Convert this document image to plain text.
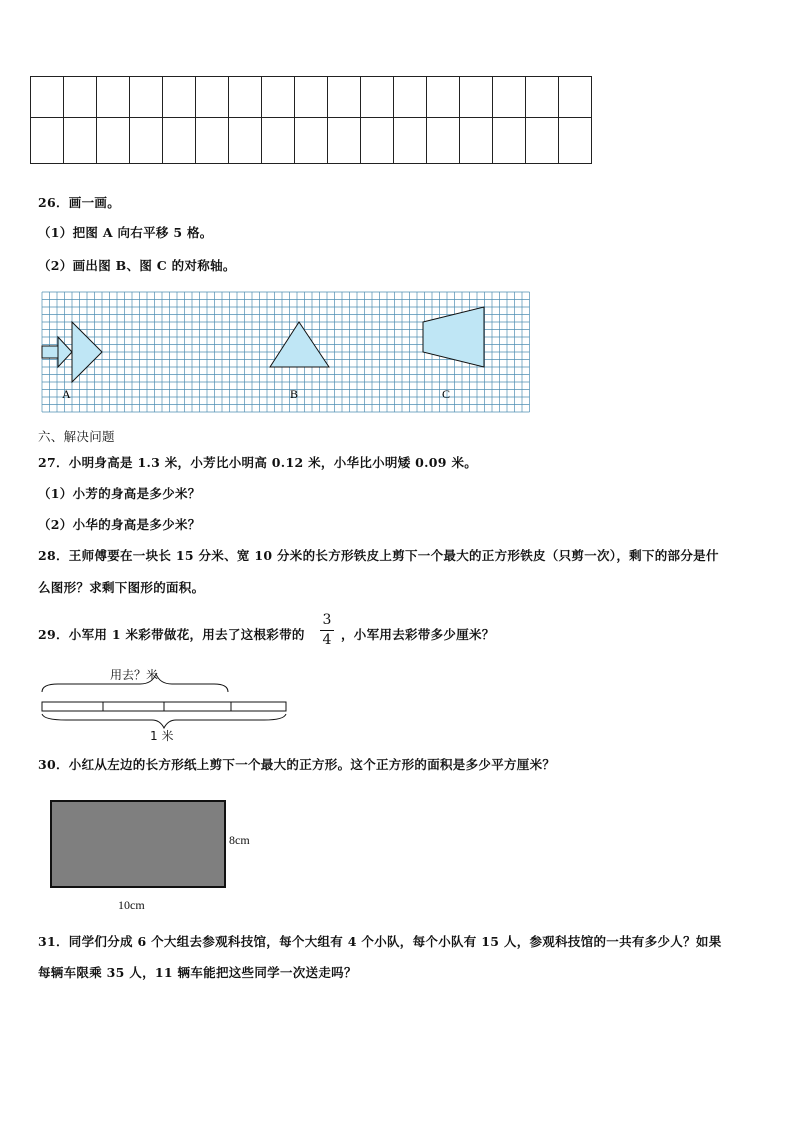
26．画一画。
（1）把图 A 向右平移 5 格。
（2）画出图 B、图 C 的对称轴。
A	B	C
六、解决问题
27．小明身高是 1.3 米，小芳比小明高 0.12 米，小华比小明矮 0.09 米。
（1）小芳的身高是多少米？
（2）小华的身高是多少米？
28．王师傅要在一块长 15 分米、宽 10 分米的长方形铁皮上剪下一个最大的正方形铁皮（只剪一次），剩下的部分是什
么图形？求剩下图形的面积。
29．小军用 1 米彩带做花，用去了这根彩带的
3
4 ，小军用去彩带多少厘米？
用去？米
1 米
30．小红从左边的长方形纸上剪下一个最大的正方形。这个正方形的面积是多少平方厘米？
8cm
10cm
31．同学们分成 6 个大组去参观科技馆，每个大组有 4 个小队，每个小队有 15 人，参观科技馆的一共有多少人？如果
每辆车限乘 35 人，11 辆车能把这些同学一次送走吗？
